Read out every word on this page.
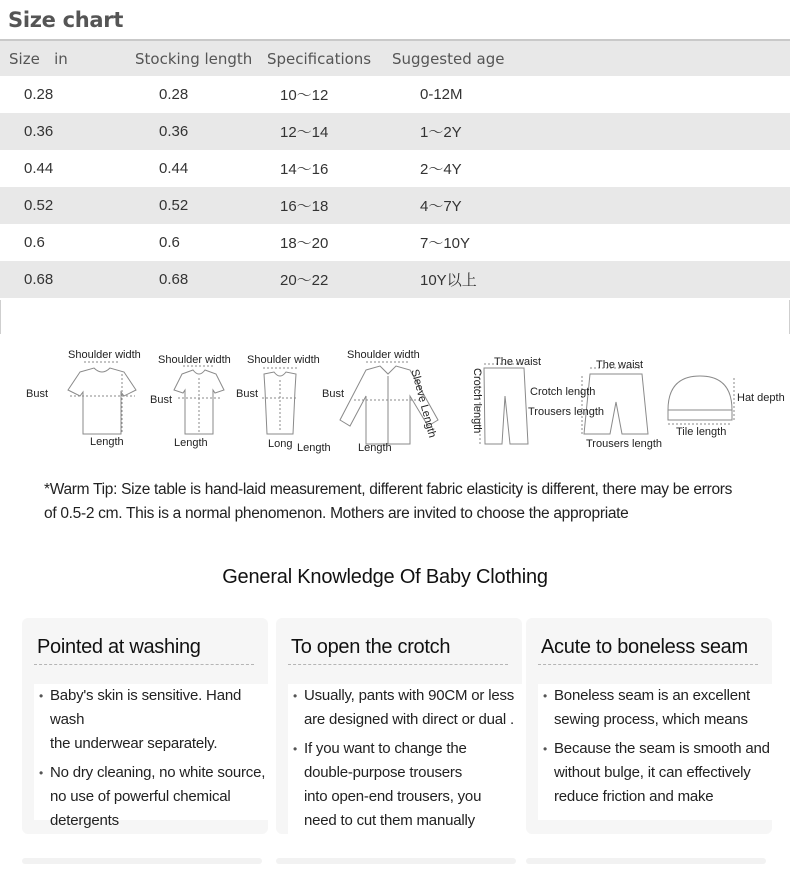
Size chart
Size   in	Stocking length	Specifications	Suggested age
0.28	0.28	10～12	0-12M
0.36	0.36	12～14	1～2Y
0.44	0.44	14～16	2～4Y
0.52	0.52	16～18	4～7Y
0.6	0.6	18～20	7～10Y
0.68	0.68	20～22	10Y以上
Shoulder width
Bust
Length
Shoulder width
Bust
Length
Shoulder width
Bust
Long Length
Shoulder width
Bust	Sleeve Length
Length
Crotch length
The waist
Crotch length
Trousers length
The waist
Trousers length
Hat depth
Tile length
*Warm Tip: Size table is hand-laid measurement, different fabric elasticity is different, there may be errors
of 0.5-2 cm. This is a normal phenomenon. Mothers are invited to choose the appropriate
General Knowledge Of Baby Clothing
Pointed at washing
• Baby's skin is sensitive. Hand wash
the underwear separately.
• No dry cleaning, no white source,
no use of powerful chemical
detergents
To open the crotch
• Usually, pants with 90CM or less
are designed with direct or dual .
• If you want to change the
double-purpose trousers
into open-end trousers, you
need to cut them manually
Acute to boneless seam
• Boneless seam is an excellent
sewing process, which means
• Because the seam is smooth and
without bulge, it can effectively
reduce friction and make
